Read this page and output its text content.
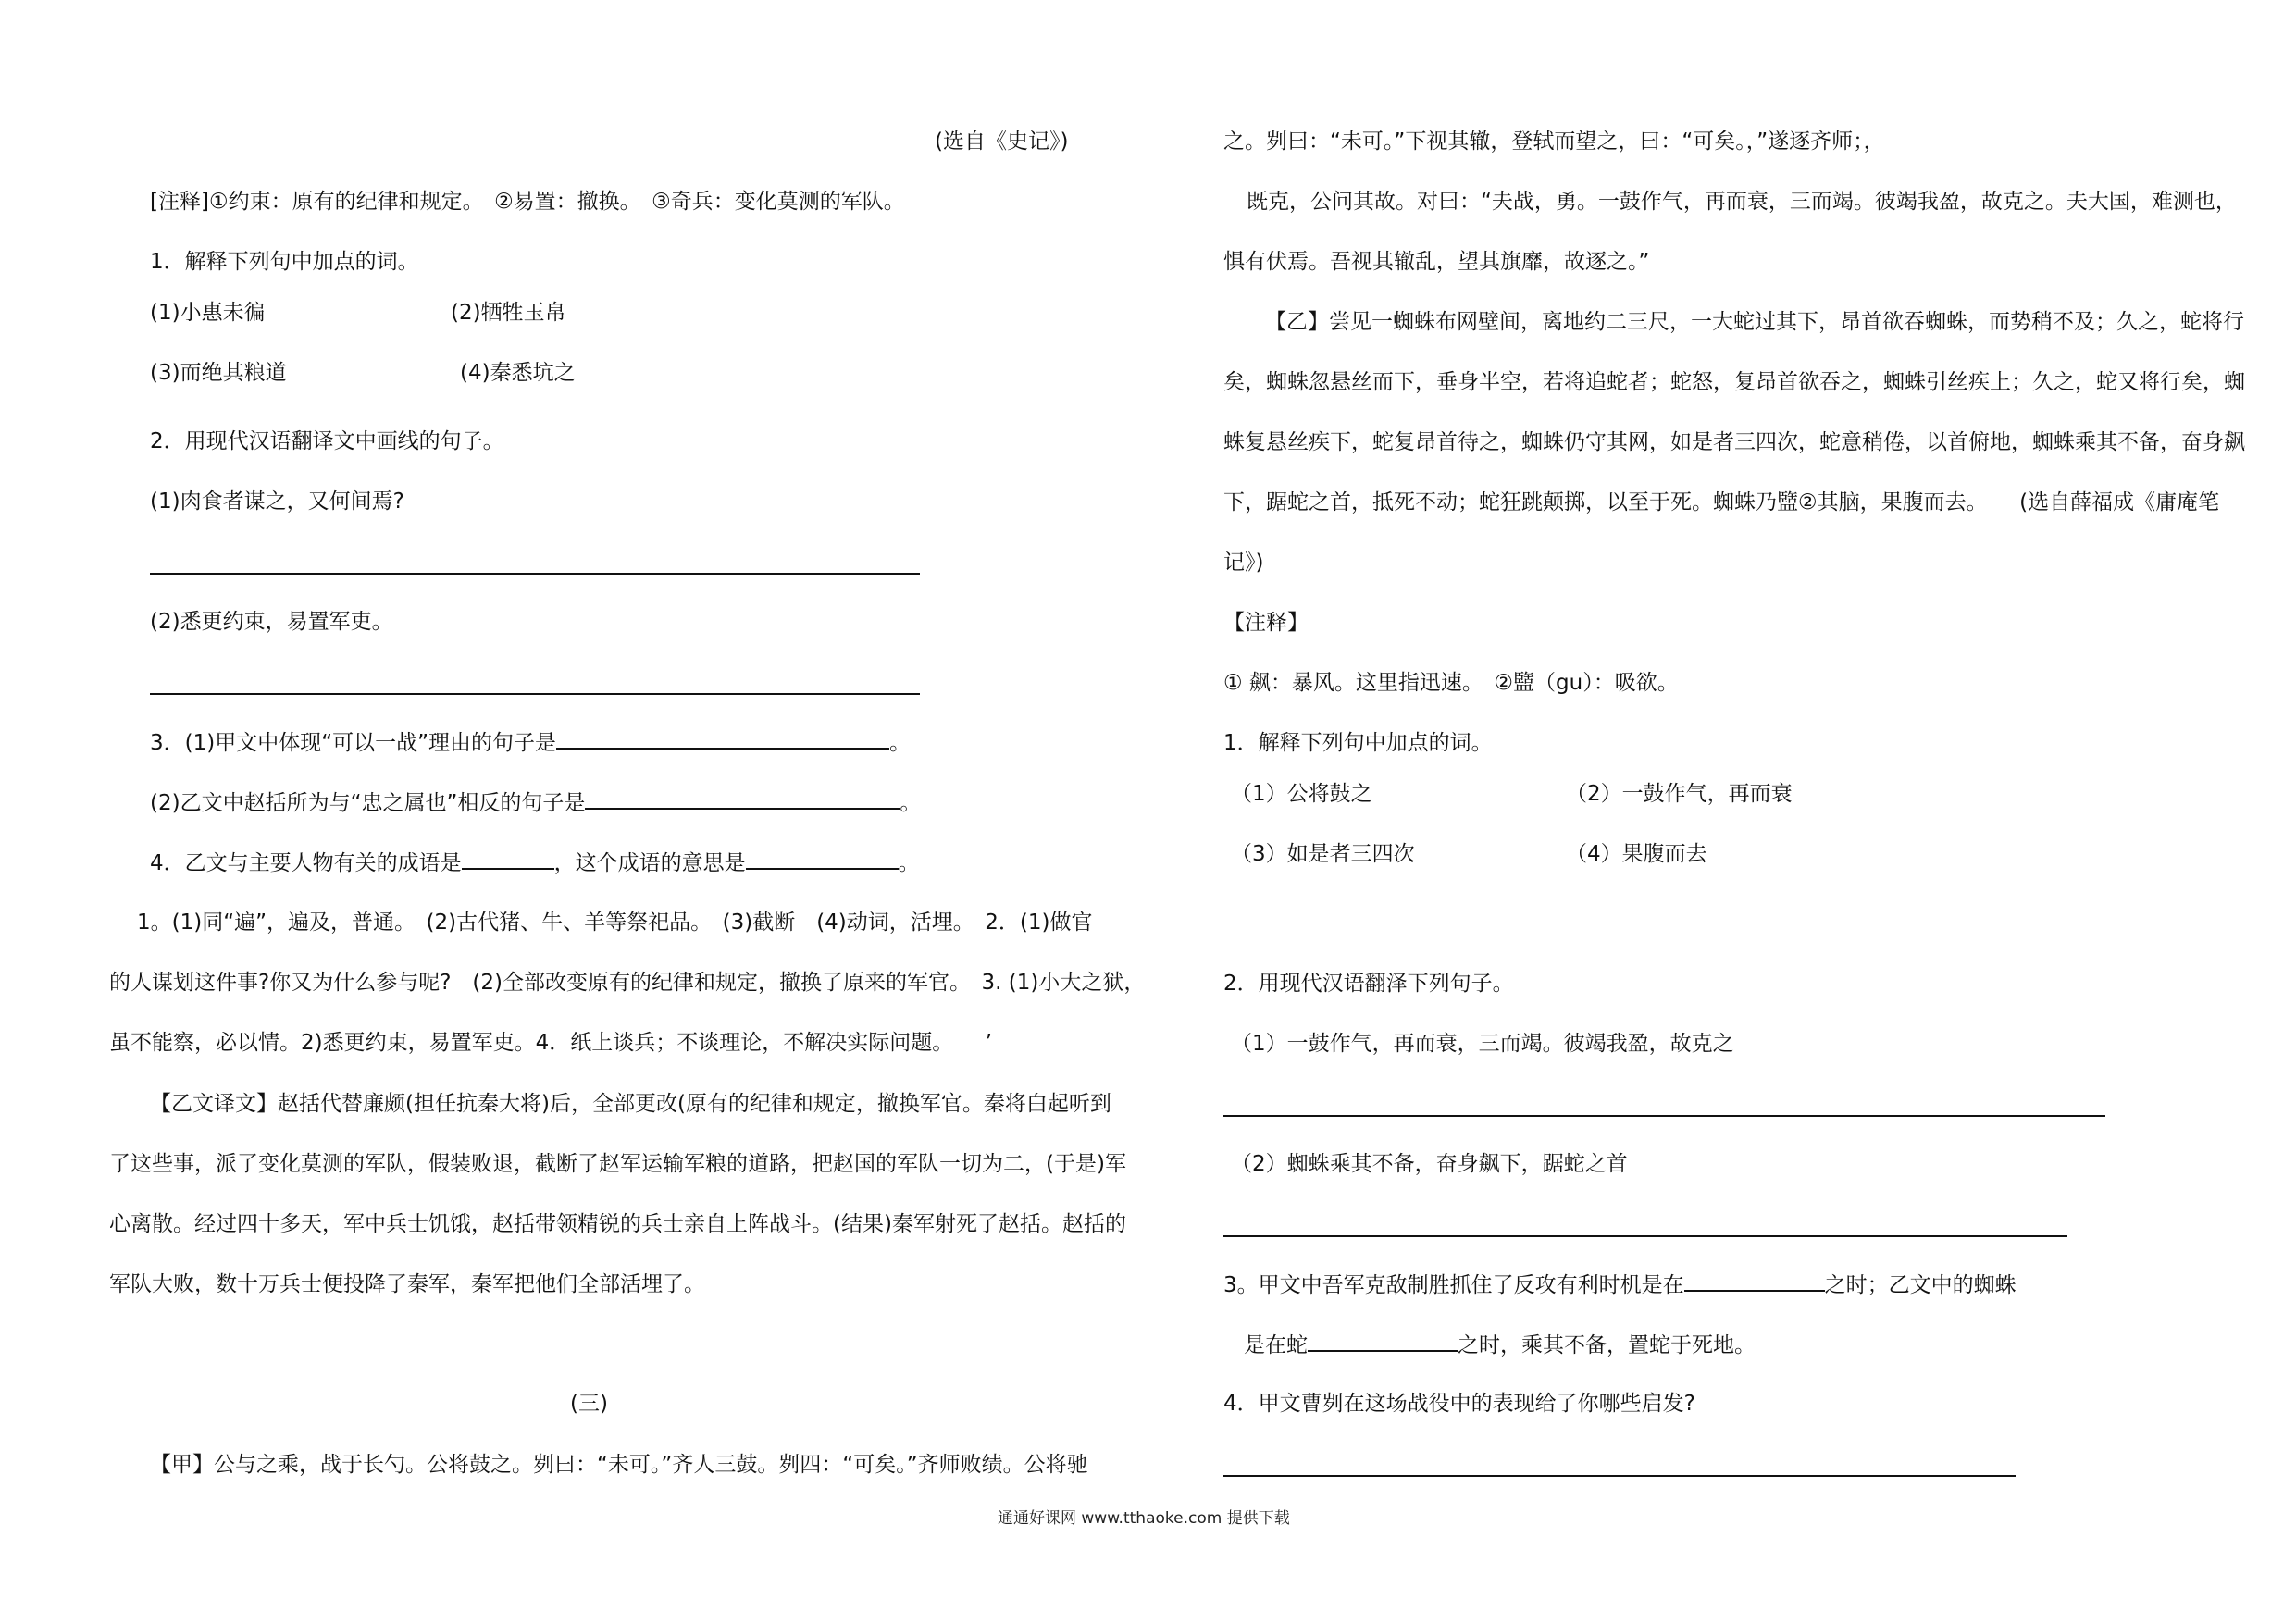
(选自《史记》)
[注释]①约束：原有的纪律和规定。　②易置：撤换。　③奇兵：变化莫测的军队。
1．解释下列句中加点的词。
(1)小惠未徧	(2)牺牲玉帛
(3)而绝其粮道	(4)秦悉坑之
2．用现代汉语翻译文中画线的句子。
(1)肉食者谋之，又何间焉?
(2)悉更约束，易置军吏。
3．(1)甲文中体现“可以一战”理由的句子是	。
(2)乙文中赵括所为与“忠之属也”相反的句子是	。
4．乙文与主要人物有关的成语是	，这个成语的意思是	。
1。(1)同“遍”，遍及，普通。　(2)古代猪、牛、羊等祭祀品。　(3)截断　(4)动词，活埋。　2．(1)做官
的人谋划这件事?你又为什么参与呢?　(2)全部改变原有的纪律和规定，撤换了原来的军官。　3. (1)小大之狱，
虽不能察，必以情。2)悉更约束，易置军吏。4．纸上谈兵；不谈理论，不解决实际问题。　　’
【乙文译文】赵括代替廉颇(担任抗秦大将)后，全部更改(原有的纪律和规定，撤换军官。秦将白起听到
了这些事，派了变化莫测的军队，假装败退，截断了赵军运输军粮的道路，把赵国的军队一切为二，(于是)军
心离散。经过四十多天，军中兵士饥饿，赵括带领精锐的兵士亲自上阵战斗。(结果)秦军射死了赵括。赵括的
军队大败，数十万兵士便投降了秦军，秦军把他们全部活埋了。
(三)
【甲】公与之乘，战于长勺。公将鼓之。刿曰：“未可。”齐人三鼓。刿四：“可矣。”齐师败绩。公将驰
之。刿曰：“未可。”下视其辙，登轼而望之，曰：“可矣。，”遂逐齐师；，
既克，公问其故。对曰：“夫战，勇。一鼓作气，再而衰，三而竭。彼竭我盈，故克之。夫大国，难测也，
惧有伏焉。吾视其辙乱，望其旗靡，故逐之。”
【乙】尝见一蜘蛛布网壁间，离地约二三尺，一大蛇过其下，昂首欲吞蜘蛛，而势稍不及；久之，蛇将行
矣，蜘蛛忽悬丝而下，垂身半空，若将追蛇者；蛇怒，复昂首欲吞之，蜘蛛引丝疾上；久之，蛇又将行矣，蜘
蛛复悬丝疾下，蛇复昂首待之，蜘蛛仍守其网，如是者三四次，蛇意稍倦，以首俯地，蜘蛛乘其不备，奋身飙
下，踞蛇之首，抵死不动；蛇狂跳颠掷，以至于死。蜘蛛乃盬②其脑，果腹而去。　　(选自薛福成《庸庵笔
记》)
【注释】
① 飙：暴风。这里指迅速。　②盬（gu）：吸欲。
1．解释下列句中加点的词。
（1）公将鼓之	（2）一鼓作气，再而衰
（3）如是者三四次	（4）果腹而去
2．用现代汉语翻泽下列句子。
（1）一鼓作气，再而衰，三而竭。彼竭我盈，故克之
（2）蜘蛛乘其不备，奋身飙下，踞蛇之首
3。甲文中吾军克敌制胜抓住了反攻有利时机是在	之时；乙文中的蜘蛛
是在蛇	之时，乘其不备，置蛇于死地。
4．甲文曹刿在这场战役中的表现给了你哪些启发?
通通好课网 www.tthaoke.com 提供下载
